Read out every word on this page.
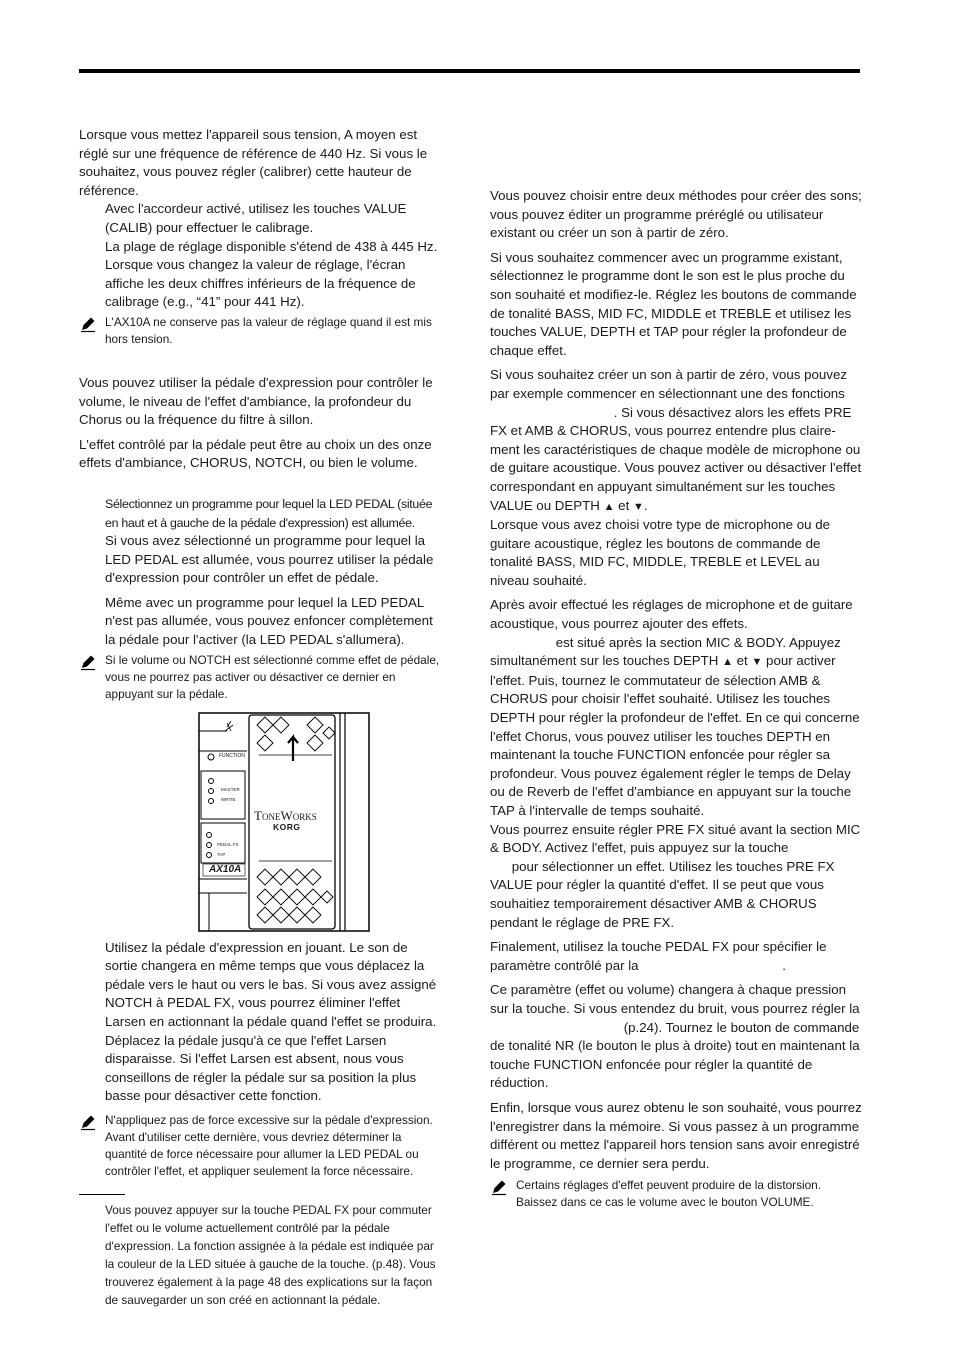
Lorsque vous mettez l'appareil sous tension, A moyen est réglé sur une fréquence de référence de 440 Hz. Si vous le souhaitez, vous pouvez régler (calibrer) cette hauteur de référence.

Avec l'accordeur activé, utilisez les touches VALUE (CALIB) pour effectuer le calibrage.

La plage de réglage disponible s'étend de 438 à 445 Hz. Lorsque vous changez la valeur de réglage, l'écran affiche les deux chiffres inférieurs de la fréquence de calibrage (e.g., “41” pour 441 Hz).

L'AX10A ne conserve pas la valeur de réglage quand il est mis hors tension.

Vous pouvez utiliser la pédale d'expression pour contrôler le volume, le niveau de l'effet d'ambiance, la profondeur du Chorus ou la fréquence du filtre à sillon.

L'effet contrôlé par la pédale peut être au choix un des onze effets d'ambiance, CHORUS, NOTCH, ou bien le volume.

Sélectionnez un programme pour lequel la LED PEDAL (située en haut et à gauche de la pédale d'expression) est allumée.

Si vous avez sélectionné un programme pour lequel la LED PEDAL est allumée, vous pourrez utiliser la pédale d'expression pour contrôler un effet de pédale.

Même avec un programme pour lequel la LED PEDAL n'est pas allumée, vous pouvez enfoncer complètement la pédale pour l'activer (la LED PEDAL s'allumera).

Si le volume ou NOTCH est sélectionné comme effet de pédale, vous ne pourrez pas activer ou désactiver ce dernier en appuyant sur la pédale.
FUNCTION
MASTER
WRITE
PEDAL FX
TAP
ToneWorks
KORG
AX10A

Utilisez la pédale d'expression en jouant. Le son de sortie changera en même temps que vous déplacez la pédale vers le haut ou vers le bas. Si vous avez assigné NOTCH à PEDAL FX, vous pourrez éliminer l'effet Larsen en actionnant la pédale quand l'effet se produira. Déplacez la pédale jusqu'à ce que l'effet Larsen disparaisse. Si l'effet Larsen est absent, nous vous conseillons de régler la pédale sur sa position la plus basse pour désactiver cette fonction.

N'appliquez pas de force excessive sur la pédale d'expression. Avant d'utiliser cette dernière, vous devriez déterminer la quantité de force nécessaire pour allumer la LED PEDAL ou contrôler l'effet, et appliquer seulement la force nécessaire.

Vous pouvez appuyer sur la touche PEDAL FX pour commuter l'effet ou le volume actuellement contrôlé par la pédale d'expression. La fonction assignée à la pédale est indiquée par la couleur de la LED située à gauche de la touche. (p.48). Vous trouverez également à la page 48 des explications sur la façon de sauvegarder un son créé en actionnant la pédale.

Vous pouvez choisir entre deux méthodes pour créer des sons; vous pouvez éditer un programme préréglé ou utilisateur existant ou créer un son à partir de zéro.

Si vous souhaitez commencer avec un programme existant, sélectionnez le programme dont le son est le plus proche du son souhaité et modifiez-le. Réglez les boutons de commande de tonalité BASS, MID FC, MIDDLE et TREBLE et utilisez les touches VALUE, DEPTH et TAP pour régler la profondeur de chaque effet.

Si vous souhaitez créer un son à partir de zéro, vous pouvez par exemple commencer en sélectionnant une des fonctions  . Si vous désactivez alors les effets PRE FX et AMB & CHORUS, vous pourrez entendre plus claire-ment les caractéristiques de chaque modèle de microphone ou de guitare acoustique. Vous pouvez activer ou désactiver l'effet correspondant en appuyant simultanément sur les touches VALUE ou DEPTH ▲ et ▼.

Lorsque vous avez choisi votre type de microphone ou de guitare acoustique, réglez les boutons de commande de tonalité BASS, MID FC, MIDDLE, TREBLE et LEVEL au niveau souhaité.

Après avoir effectué les réglages de microphone et de guitare acoustique, vous pourrez ajouter des effets.

est situé après la section MIC & BODY. Appuyez simultanément sur les touches DEPTH ▲ et ▼ pour activer l'effet. Puis, tournez le commutateur de sélection AMB & CHORUS pour choisir l'effet souhaité. Utilisez les touches DEPTH pour régler la profondeur de l'effet. En ce qui concerne l'effet Chorus, vous pouvez utiliser les touches DEPTH en maintenant la touche FUNCTION enfoncée pour régler sa profondeur. Vous pouvez également régler le temps de Delay ou de Reverb de l'effet d'ambiance en appuyant sur la touche TAP à l'intervalle de temps souhaité.

Vous pourrez ensuite régler PRE FX situé avant la section MIC & BODY. Activez l'effet, puis appuyez sur la touche

pour sélectionner un effet. Utilisez les touches PRE FX VALUE pour régler la quantité d'effet. Il se peut que vous souhaitiez temporairement désactiver AMB & CHORUS pendant le réglage de PRE FX.

Finalement, utilisez la touche PEDAL FX pour spécifier le paramètre contrôlé par la	.

Ce paramètre (effet ou volume) changera à chaque pression sur la touche. Si vous entendez du bruit, vous pourrez régler la  (p.24). Tournez le bouton de commande de tonalité NR (le bouton le plus à droite) tout en maintenant la touche FUNCTION enfoncée pour régler la quantité de réduction.

Enfin, lorsque vous aurez obtenu le son souhaité, vous pourrez l'enregistrer dans la mémoire. Si vous passez à un programme différent ou mettez l'appareil hors tension sans avoir enregistré le programme, ce dernier sera perdu.

Certains réglages d'effet peuvent produire de la distorsion. Baissez dans ce cas le volume avec le bouton VOLUME.
